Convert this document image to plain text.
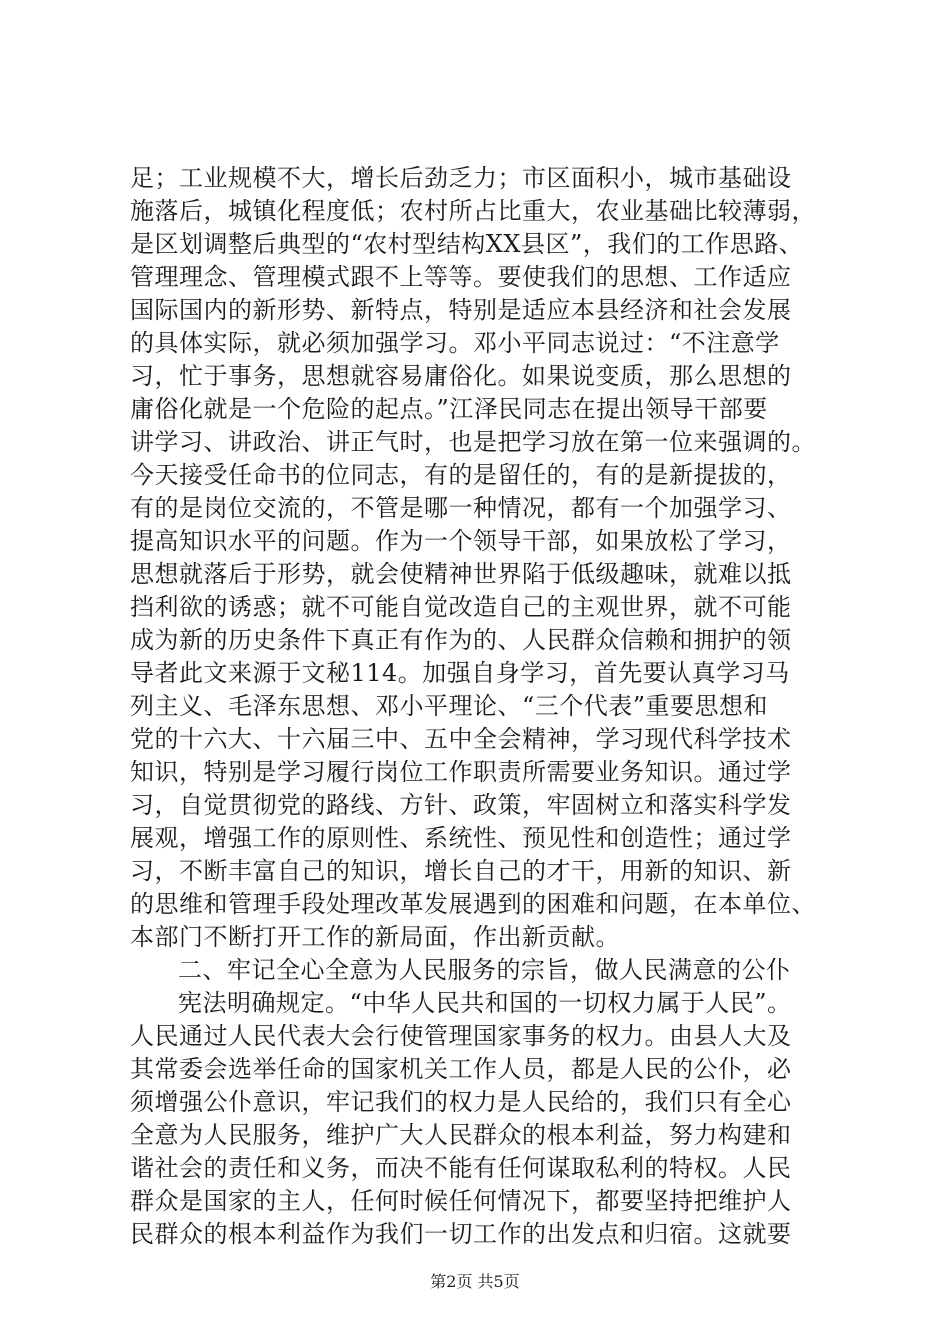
足；工业规模不大，增长后劲乏力；市区面积小，城市基础设
施落后，城镇化程度低；农村所占比重大，农业基础比较薄弱，
是区划调整后典型的“农村型结构XX县区”，我们的工作思路、
管理理念、管理模式跟不上等等。要使我们的思想、工作适应
国际国内的新形势、新特点，特别是适应本县经济和社会发展
的具体实际，就必须加强学习。邓小平同志说过：“不注意学
习，忙于事务，思想就容易庸俗化。如果说变质，那么思想的
庸俗化就是一个危险的起点。”江泽民同志在提出领导干部要
讲学习、讲政治、讲正气时，也是把学习放在第一位来强调的。
今天接受任命书的位同志，有的是留任的，有的是新提拔的，
有的是岗位交流的，不管是哪一种情况，都有一个加强学习、
提高知识水平的问题。作为一个领导干部，如果放松了学习，
思想就落后于形势，就会使精神世界陷于低级趣味，就难以抵
挡利欲的诱惑；就不可能自觉改造自己的主观世界，就不可能
成为新的历史条件下真正有作为的、人民群众信赖和拥护的领
导者此文来源于文秘114。加强自身学习，首先要认真学习马
列主义、毛泽东思想、邓小平理论、“三个代表”重要思想和
党的十六大、十六届三中、五中全会精神，学习现代科学技术
知识，特别是学习履行岗位工作职责所需要业务知识。通过学
习，自觉贯彻党的路线、方针、政策，牢固树立和落实科学发
展观，增强工作的原则性、系统性、预见性和创造性；通过学
习，不断丰富自己的知识，增长自己的才干，用新的知识、新
的思维和管理手段处理改革发展遇到的困难和问题，在本单位、
本部门不断打开工作的新局面，作出新贡献。
二、牢记全心全意为人民服务的宗旨，做人民满意的公仆
宪法明确规定。“中华人民共和国的一切权力属于人民”。
人民通过人民代表大会行使管理国家事务的权力。由县人大及
其常委会选举任命的国家机关工作人员，都是人民的公仆，必
须增强公仆意识，牢记我们的权力是人民给的，我们只有全心
全意为人民服务，维护广大人民群众的根本利益，努力构建和
谐社会的责任和义务，而决不能有任何谋取私利的特权。人民
群众是国家的主人，任何时候任何情况下，都要坚持把维护人
民群众的根本利益作为我们一切工作的出发点和归宿。这就要
第2页 共5页
